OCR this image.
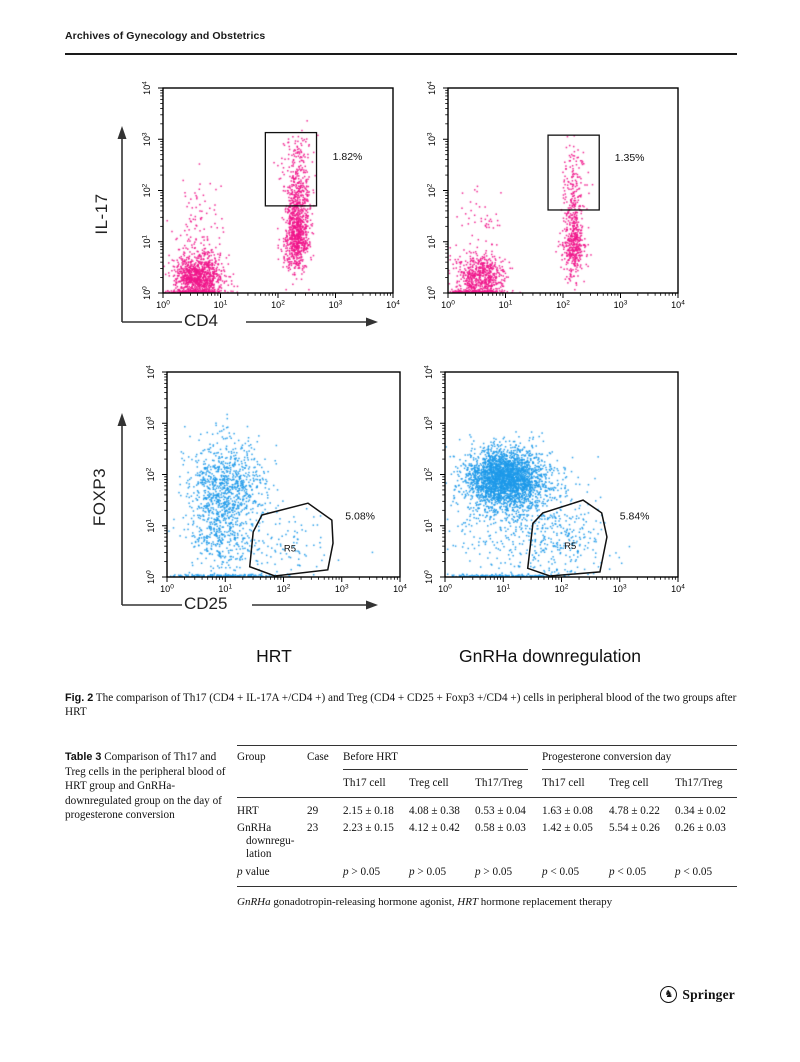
Archives of Gynecology and Obstetrics
$10^0$
$10^0$
$10^1$
$10^1$
$10^2$
$10^2$
$10^3$
$10^3$
$10^4$
$10^4$
1.82%
$10^0$
$10^0$
$10^1$
$10^1$
$10^2$
$10^2$
$10^3$
$10^3$
$10^4$
$10^4$
1.35%
$10^0$
$10^0$
$10^1$
$10^1$
$10^2$
$10^2$
$10^3$
$10^3$
$10^4$
$10^4$
R5
5.08%
$10^0$
$10^0$
$10^1$
$10^1$
$10^2$
$10^2$
$10^3$
$10^3$
$10^4$
$10^4$
R5
5.84%
IL-17
CD4
FOXP3
CD25
HRT	GnRHa downregulation
Fig. 2 The comparison of Th17 (CD4 + IL-17A +/CD4 +) and Treg (CD4 + CD25 + Foxp3 +/CD4 +) cells in peripheral blood of the two groups after HRT
Table 3 Comparison of Th17 and Treg cells in the peripheral blood of HRT group and GnRHa-downregulated group on the day of progesterone conversion
Group	Case	Before HRT	Progesterone conversion day
Th17 cell	Treg cell	Th17/Treg	Th17 cell	Treg cell	Th17/Treg
HRT	29	2.15 ± 0.18	4.08 ± 0.38	0.53 ± 0.04	1.63 ± 0.08	4.78 ± 0.22	0.34 ± 0.02
GnRHa
downregu-
lation
23	2.23 ± 0.15	4.12 ± 0.42	0.58 ± 0.03	1.42 ± 0.05	5.54 ± 0.26	0.26 ± 0.03
p value	p > 0.05	p > 0.05	p > 0.05	p < 0.05	p < 0.05	p < 0.05
GnRHa gonadotropin-releasing hormone agonist, HRT hormone replacement therapy
♞ Springer
